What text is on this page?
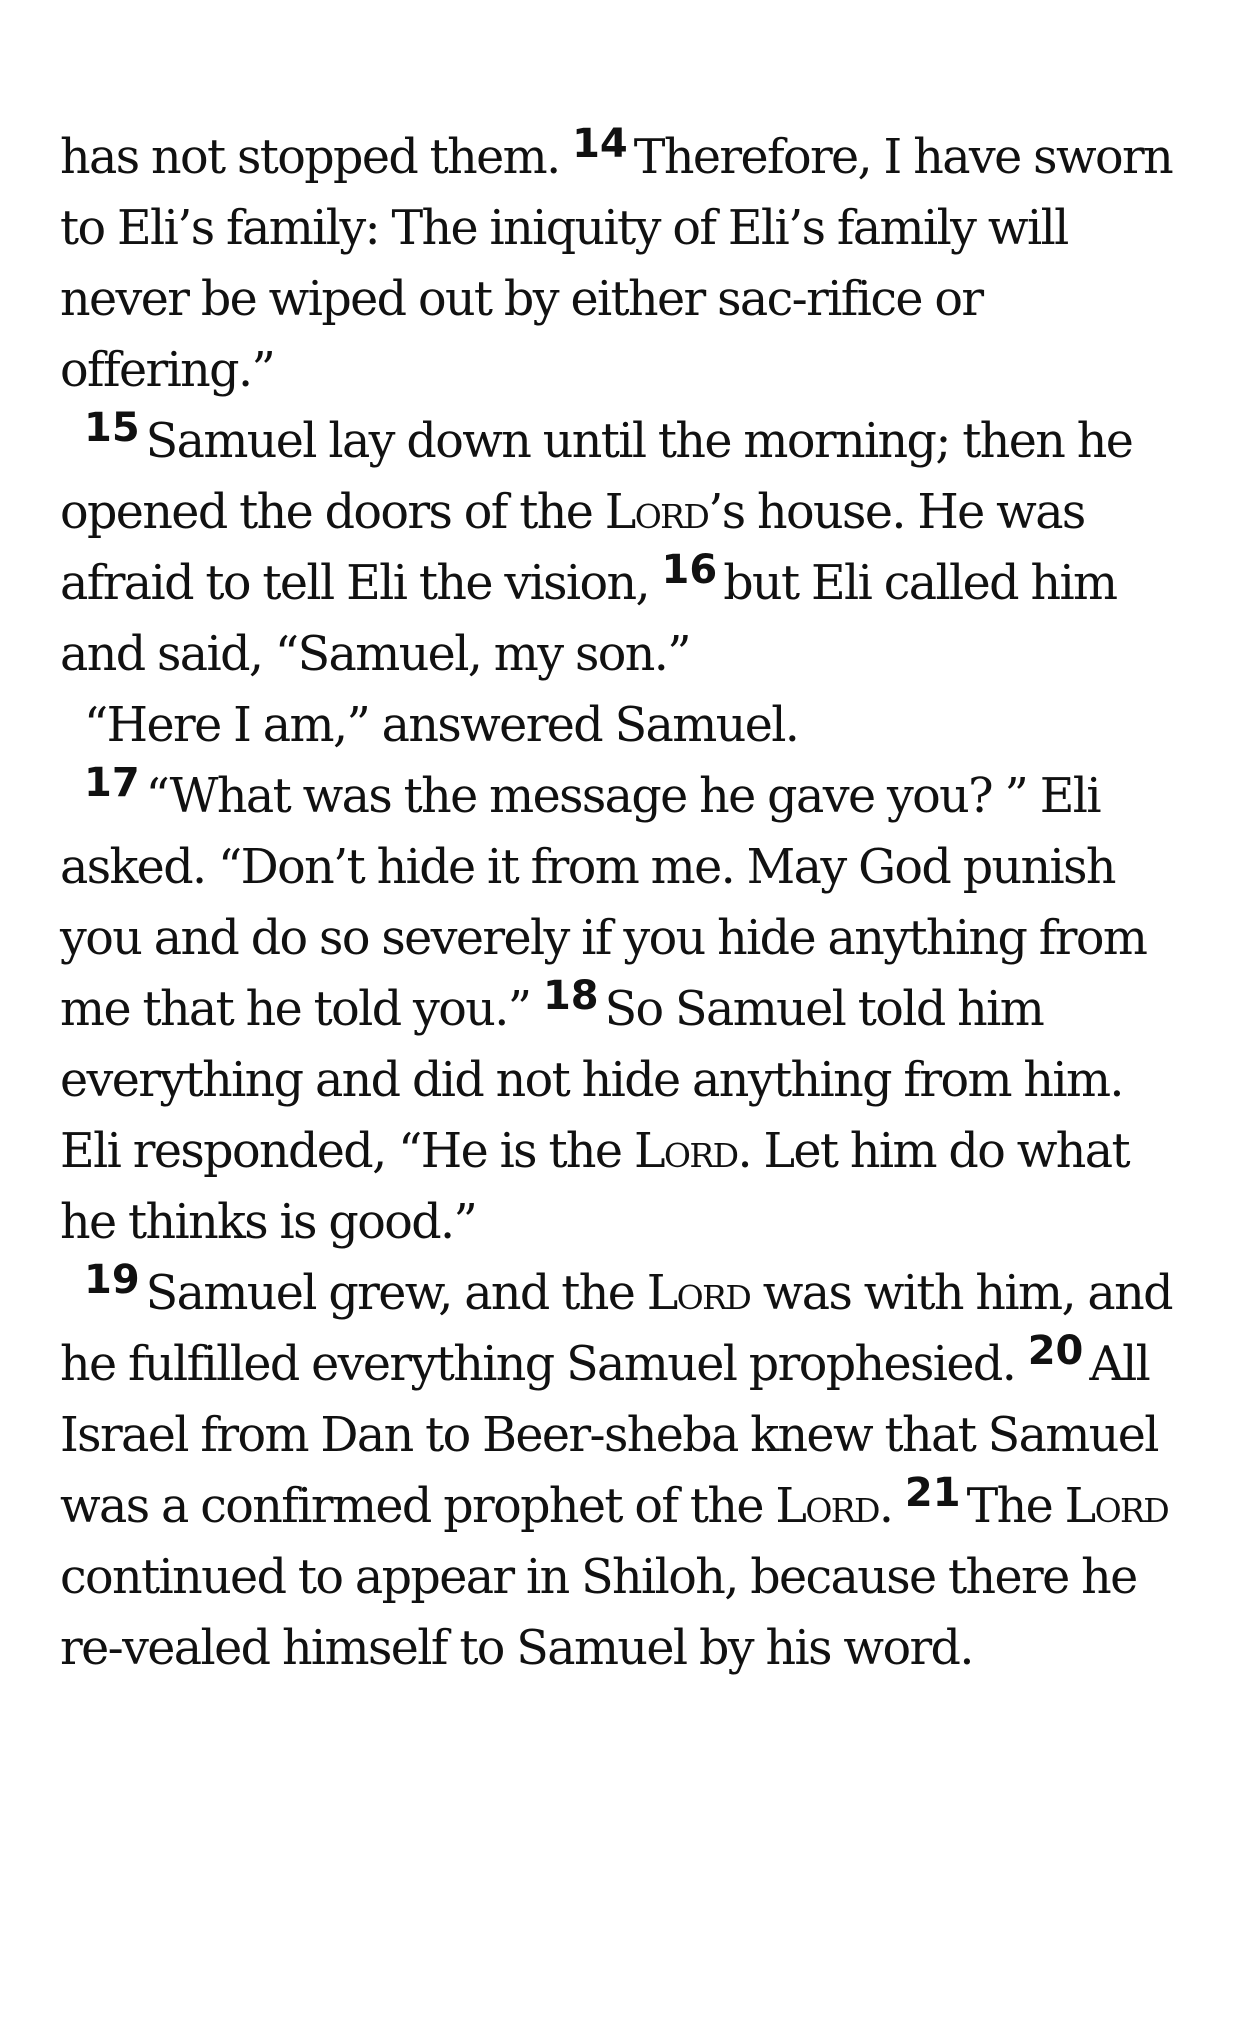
has not stopped them. $^{14}$ Therefore, I have sworn to Eli’s family: The iniquity of Eli’s family will never be wiped out by either sac-rifice or offering.”

$^{15}$ Samuel lay down until the morning; then he opened the doors of the Lord’s house. He was afraid to tell Eli the vision, $^{16}$ but Eli called him and said, “Samuel, my son.”

“Here I am,” answered Samuel.

$^{17}$ “What was the message he gave you? ” Eli asked. “Don’t hide it from me. May God punish you and do so severely if you hide anything from me that he told you.” $^{18}$ So Samuel told him everything and did not hide anything from him. Eli responded, “He is the Lord. Let him do what he thinks is good.”

$^{19}$ Samuel grew, and the Lord was with him, and he fulfilled everything Samuel prophesied. $^{20}$ All Israel from Dan to Beer-sheba knew that Samuel was a confirmed prophet of the Lord. $^{21}$ The Lord continued to appear in Shiloh, because there he re-vealed himself to Samuel by his word.
